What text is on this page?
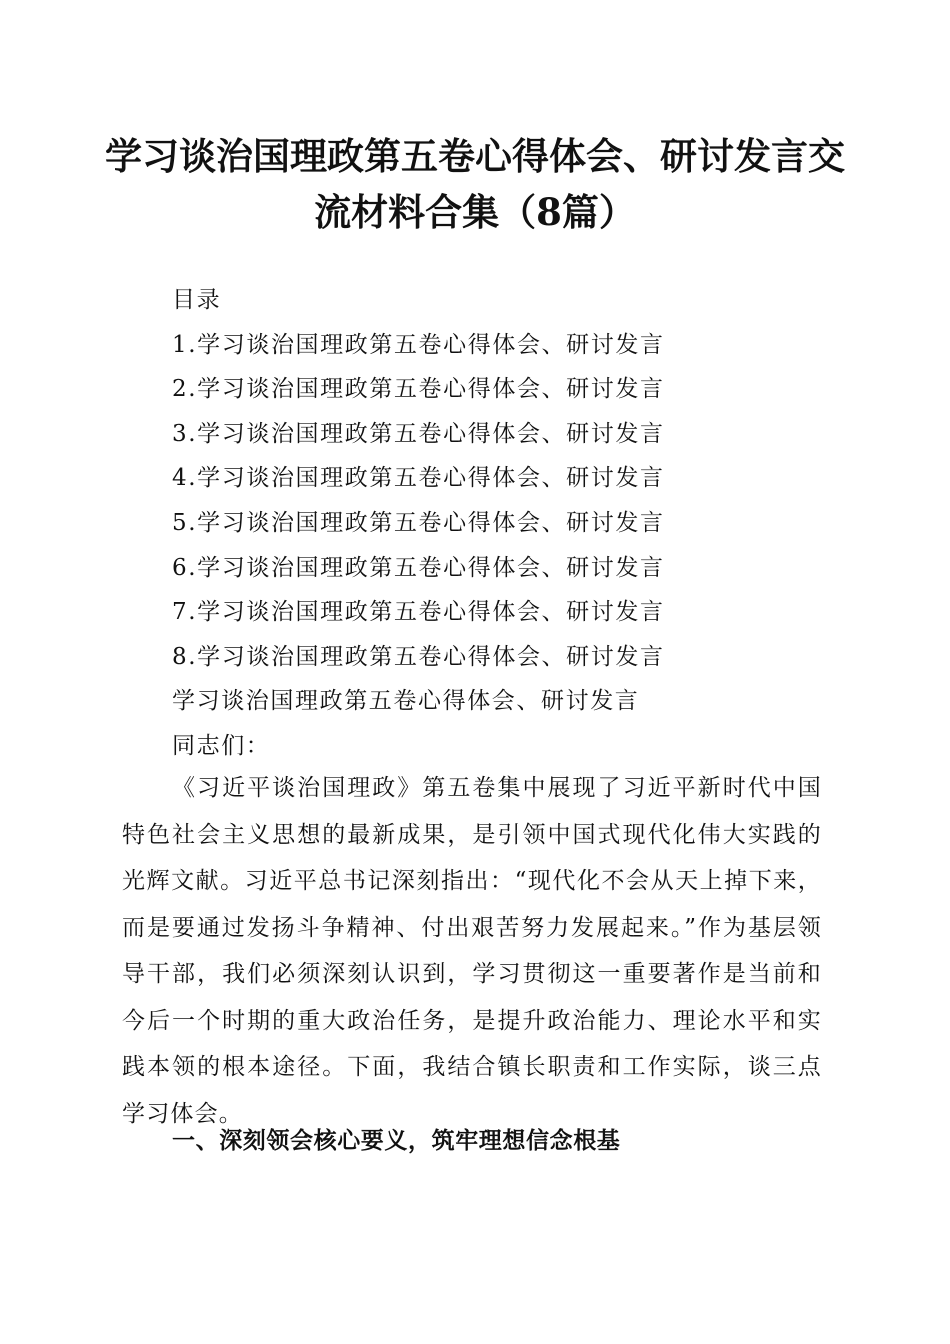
学习谈治国理政第五卷心得体会、研讨发言交
流材料合集（8篇）
目录
1.学习谈治国理政第五卷心得体会、研讨发言
2.学习谈治国理政第五卷心得体会、研讨发言
3.学习谈治国理政第五卷心得体会、研讨发言
4.学习谈治国理政第五卷心得体会、研讨发言
5.学习谈治国理政第五卷心得体会、研讨发言
6.学习谈治国理政第五卷心得体会、研讨发言
7.学习谈治国理政第五卷心得体会、研讨发言
8.学习谈治国理政第五卷心得体会、研讨发言
学习谈治国理政第五卷心得体会、研讨发言
同志们：
《习近平谈治国理政》第五卷集中展现了习近平新时代中国特色社会主义思想的最新成果，是引领中国式现代化伟大实践的光辉文献。习近平总书记深刻指出：“现代化不会从天上掉下来，而是要通过发扬斗争精神、付出艰苦努力发展起来。”作为基层领导干部，我们必须深刻认识到，学习贯彻这一重要著作是当前和今后一个时期的重大政治任务，是提升政治能力、理论水平和实践本领的根本途径。下面，我结合镇长职责和工作实际，谈三点学习体会。
一、深刻领会核心要义，筑牢理想信念根基
